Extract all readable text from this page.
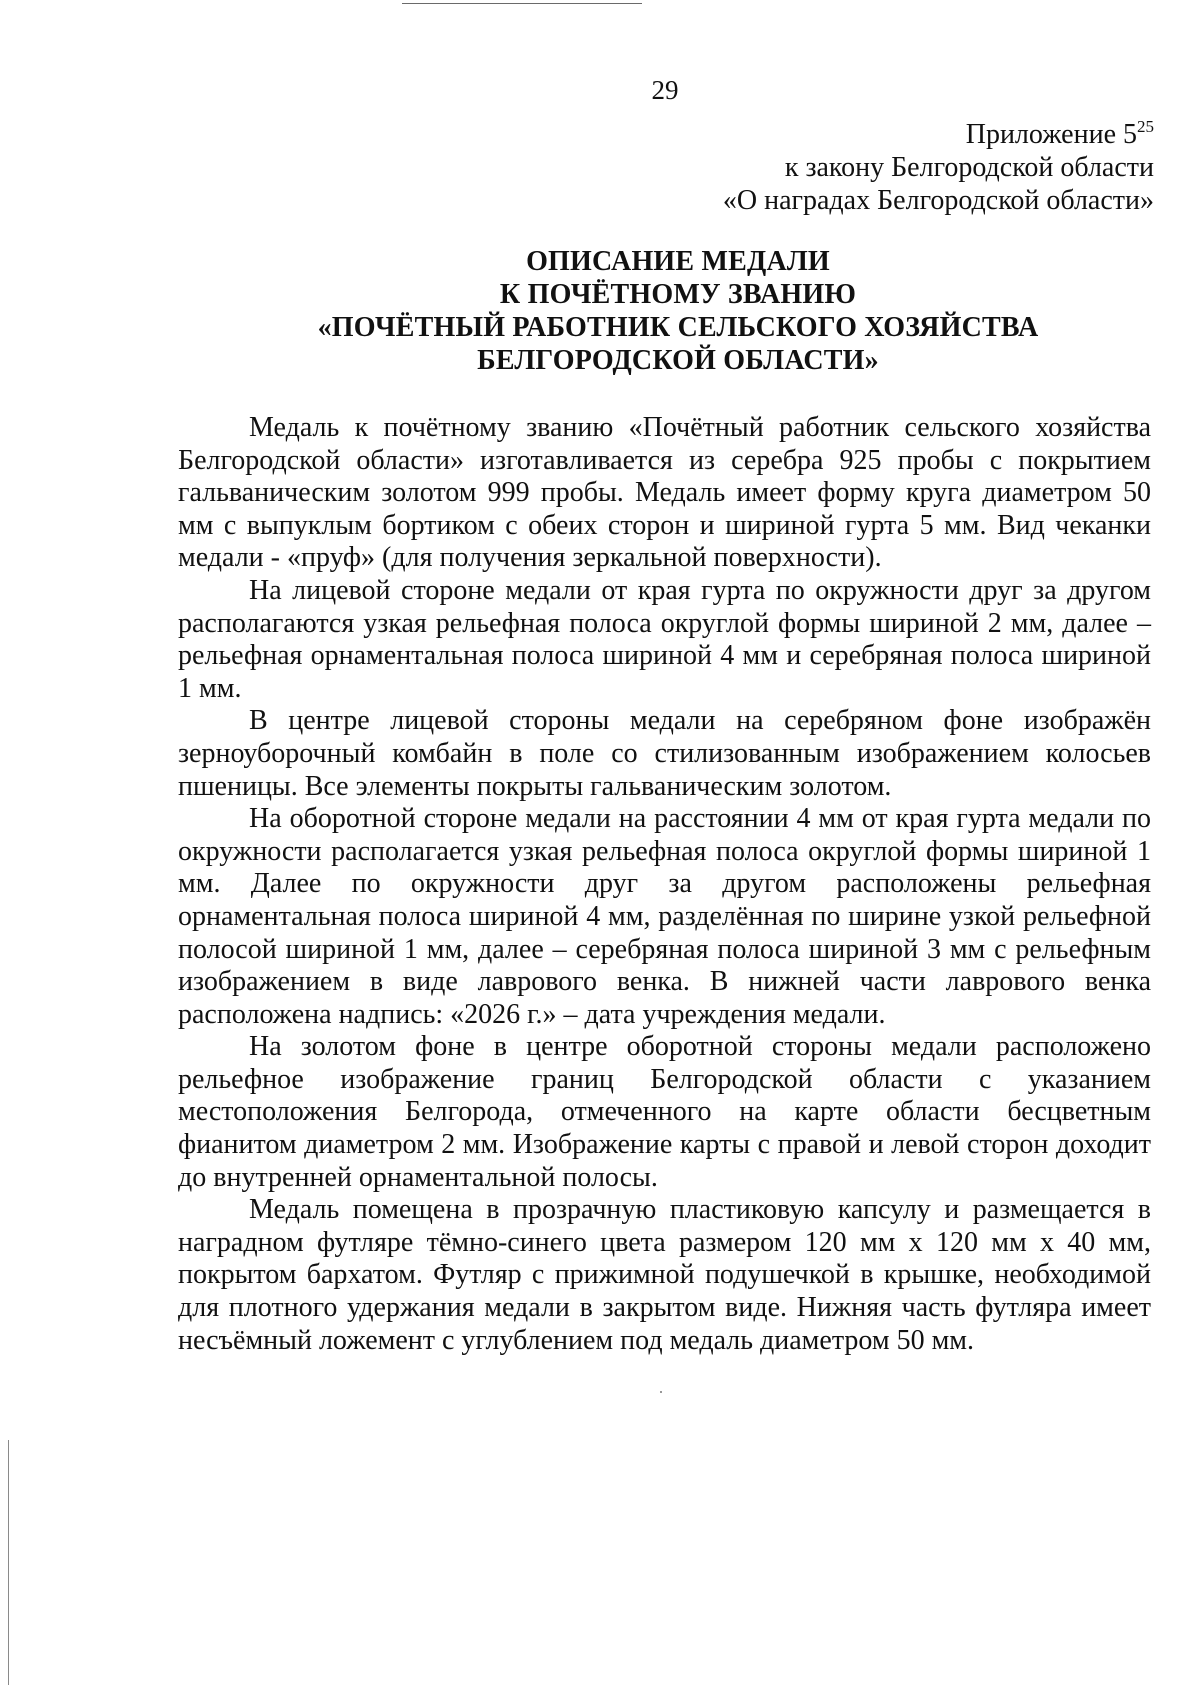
29
Приложение $5^{25}$
к закону Белгородской области
«О наградах Белгородской области»
ОПИСАНИЕ МЕДАЛИ
К ПОЧЁТНОМУ ЗВАНИЮ
«ПОЧЁТНЫЙ РАБОТНИК СЕЛЬСКОГО ХОЗЯЙСТВА
БЕЛГОРОДСКОЙ ОБЛАСТИ»

Медаль к почётному званию «Почётный работник сельского хозяйства Белгородской области» изготавливается из серебра 925 пробы с покрытием гальваническим золотом 999 пробы. Медаль имеет форму круга диаметром 50 мм с выпуклым бортиком с обеих сторон и шириной гурта 5 мм. Вид чеканки медали - «пруф» (для получения зеркальной поверхности).

На лицевой стороне медали от края гурта по окружности друг за другом располагаются узкая рельефная полоса округлой формы шириной 2 мм, далее – рельефная орнаментальная полоса шириной 4 мм и серебряная полоса шириной 1 мм.

В центре лицевой стороны медали на серебряном фоне изображён зерноуборочный комбайн в поле со стилизованным изображением колосьев пшеницы. Все элементы покрыты гальваническим золотом.

На оборотной стороне медали на расстоянии 4 мм от края гурта медали по окружности располагается узкая рельефная полоса округлой формы шириной 1 мм. Далее по окружности друг за другом расположены рельефная орнаментальная полоса шириной 4 мм, разделённая по ширине узкой рельефной полосой шириной 1 мм, далее – серебряная полоса шириной 3 мм с рельефным изображением в виде лаврового венка. В нижней части лаврового венка расположена надпись: «2026 г.» – дата учреждения медали.

На золотом фоне в центре оборотной стороны медали расположено рельефное изображение границ Белгородской области с указанием местоположения Белгорода, отмеченного на карте области бесцветным фианитом диаметром 2 мм. Изображение карты с правой и левой сторон доходит до внутренней орнаментальной полосы.

Медаль помещена в прозрачную пластиковую капсулу и размещается в наградном футляре тёмно-синего цвета размером 120 мм х 120 мм х 40 мм, покрытом бархатом. Футляр с прижимной подушечкой в крышке, необходимой для плотного удержания медали в закрытом виде. Нижняя часть футляра имеет несъёмный ложемент с углублением под медаль диаметром 50 мм.
